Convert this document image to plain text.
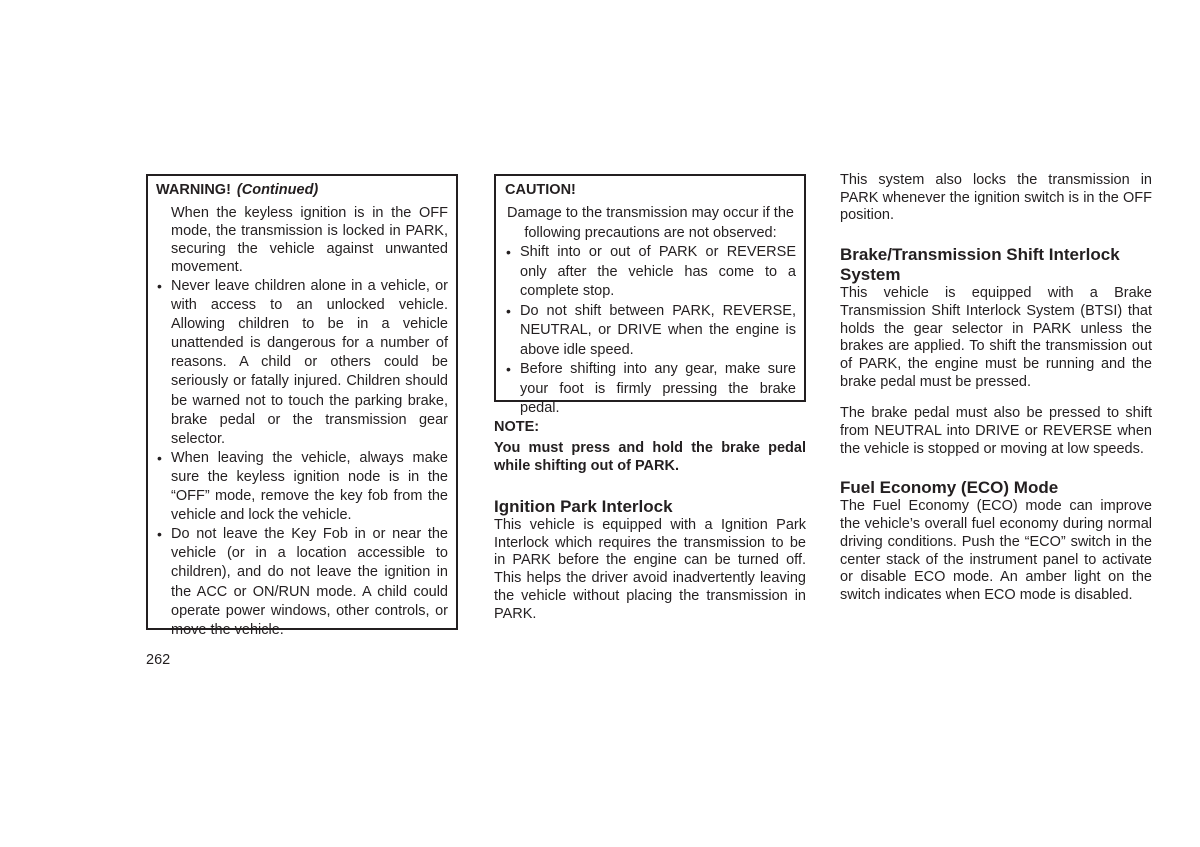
WARNING! (Continued)

When the keyless ignition is in the OFF mode, the transmission is locked in PARK, securing the vehicle against unwanted movement.

• Never leave children alone in a vehicle, or with access to an unlocked vehicle. Allowing children to be in a vehicle unattended is dangerous for a number of reasons. A child or others could be seriously or fatally injured. Children should be warned not to touch the parking brake, brake pedal or the transmission gear selector.
• When leaving the vehicle, always make sure the keyless ignition node is in the “OFF” mode, remove the key fob from the vehicle and lock the vehicle.
• Do not leave the Key Fob in or near the vehicle (or in a location accessible to children), and do not leave the ignition in the ACC or ON/RUN mode. A child could operate power windows, other controls, or move the vehicle.

CAUTION!

Damage to the transmission may occur if the following precautions are not observed:

• Shift into or out of PARK or REVERSE only after the vehicle has come to a complete stop.
• Do not shift between PARK, REVERSE, NEUTRAL, or DRIVE when the engine is above idle speed.
• Before shifting into any gear, make sure your foot is firmly pressing the brake pedal.

NOTE:

You must press and hold the brake pedal while shifting out of PARK.

Ignition Park Interlock

This vehicle is equipped with a Ignition Park Interlock which requires the transmission to be in PARK before the engine can be turned off. This helps the driver avoid inadvertently leaving the vehicle without placing the transmission in PARK.

This system also locks the transmission in PARK whenever the ignition switch is in the OFF position.

Brake/Transmission Shift Interlock System

This vehicle is equipped with a Brake Transmission Shift Interlock System (BTSI) that holds the gear selector in PARK unless the brakes are applied. To shift the transmission out of PARK, the engine must be running and the brake pedal must be pressed.

The brake pedal must also be pressed to shift from NEUTRAL into DRIVE or REVERSE when the vehicle is stopped or moving at low speeds.

Fuel Economy (ECO) Mode

The Fuel Economy (ECO) mode can improve the vehicle’s overall fuel economy during normal driving conditions. Push the “ECO” switch in the center stack of the instrument panel to activate or disable ECO mode. An amber light on the switch indicates when ECO mode is disabled.

262
